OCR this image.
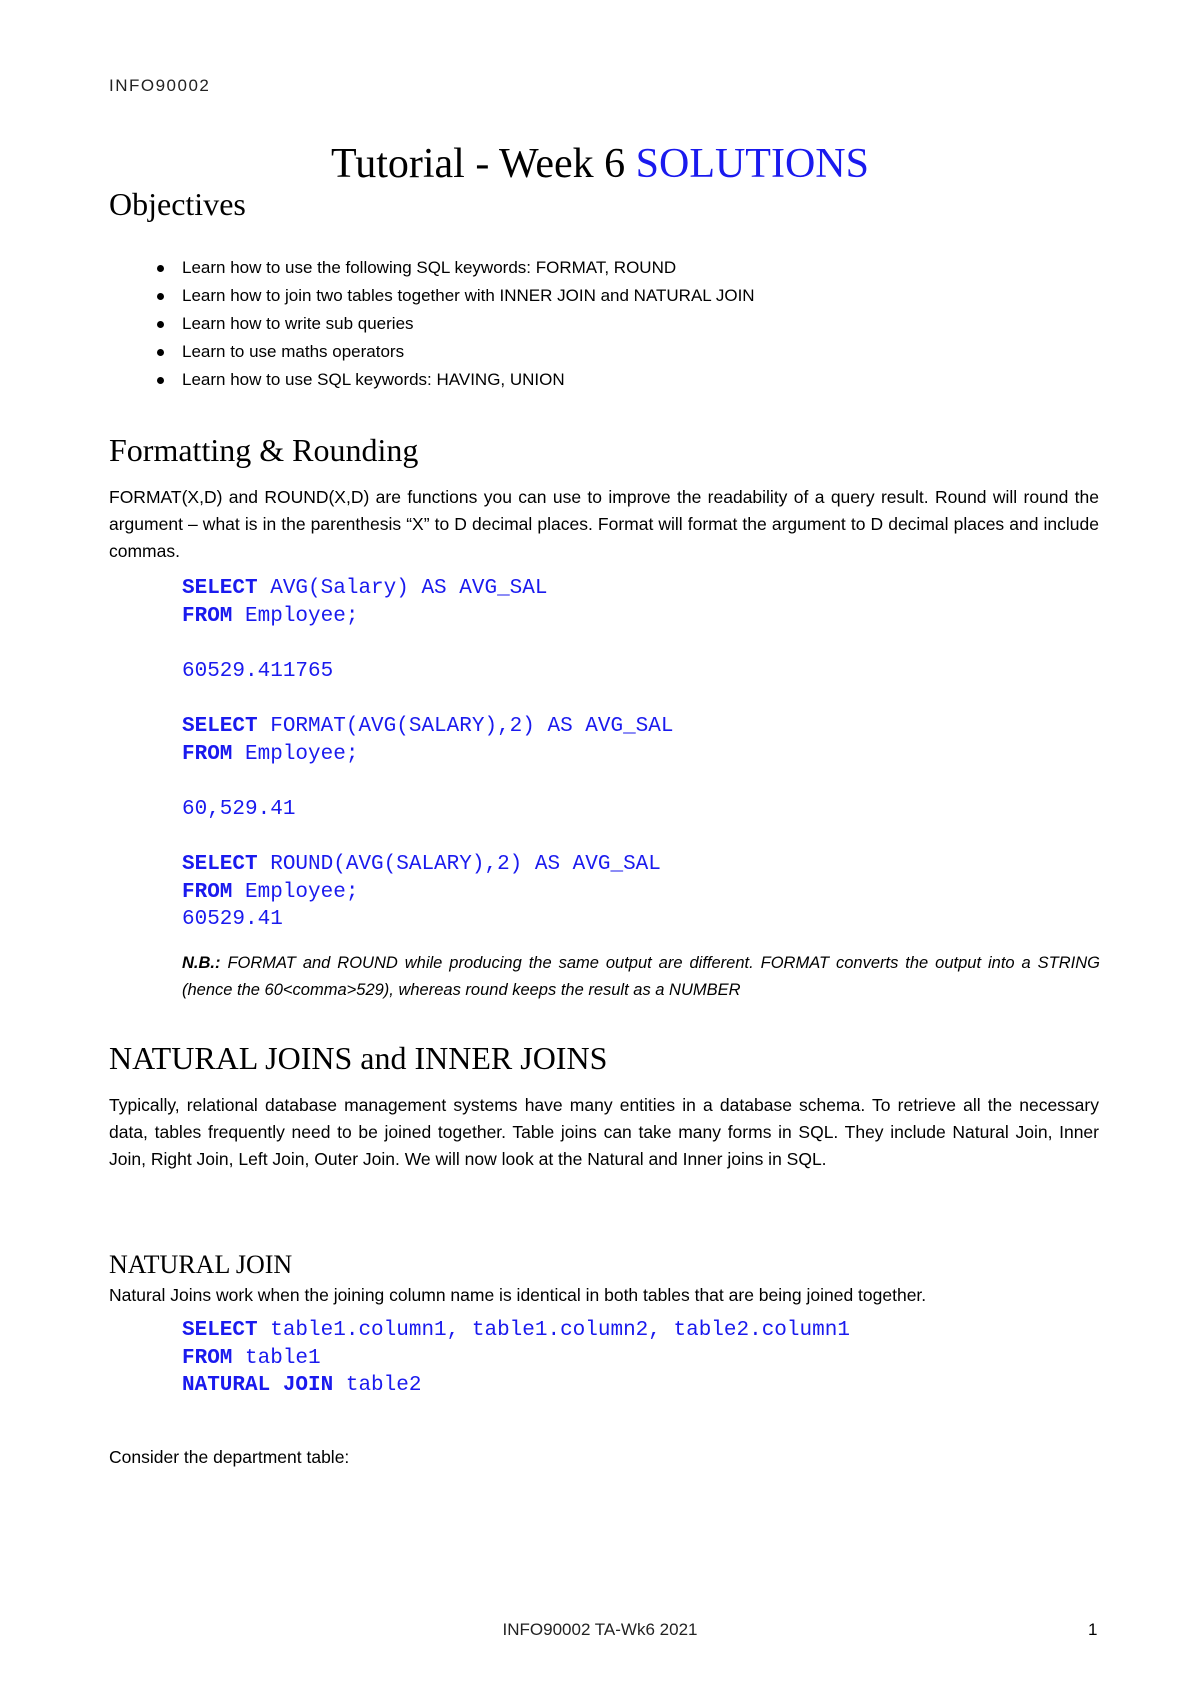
INFO90002
Tutorial - Week 6 SOLUTIONS
Objectives
Learn how to use the following SQL keywords: FORMAT, ROUND
Learn how to join two tables together with INNER JOIN and NATURAL JOIN
Learn how to write sub queries
Learn to use maths operators
Learn how to use SQL keywords: HAVING, UNION
Formatting & Rounding
FORMAT(X,D) and ROUND(X,D) are functions you can use to improve the readability of a query result. Round will round the argument – what is in the parenthesis “X” to D decimal places. Format will format the argument to D decimal places and include commas.
SELECT AVG(Salary) AS AVG_SAL
FROM Employee;

60529.411765
SELECT FORMAT(AVG(SALARY),2) AS AVG_SAL
FROM Employee;

60,529.41
SELECT ROUND(AVG(SALARY),2) AS AVG_SAL
FROM Employee;
60529.41
N.B.: FORMAT and ROUND while producing the same output are different. FORMAT converts the output into a STRING (hence the 60<comma>529), whereas round keeps the result as a NUMBER
NATURAL JOINS and INNER JOINS
Typically, relational database management systems have many entities in a database schema. To retrieve all the necessary data, tables frequently need to be joined together. Table joins can take many forms in SQL. They include Natural Join, Inner Join, Right Join, Left Join, Outer Join. We will now look at the Natural and Inner joins in SQL.
NATURAL JOIN
Natural Joins work when the joining column name is identical in both tables that are being joined together.
SELECT table1.column1, table1.column2, table2.column1
FROM table1
NATURAL JOIN table2
Consider the department table:
INFO90002 TA-Wk6 2021	1
